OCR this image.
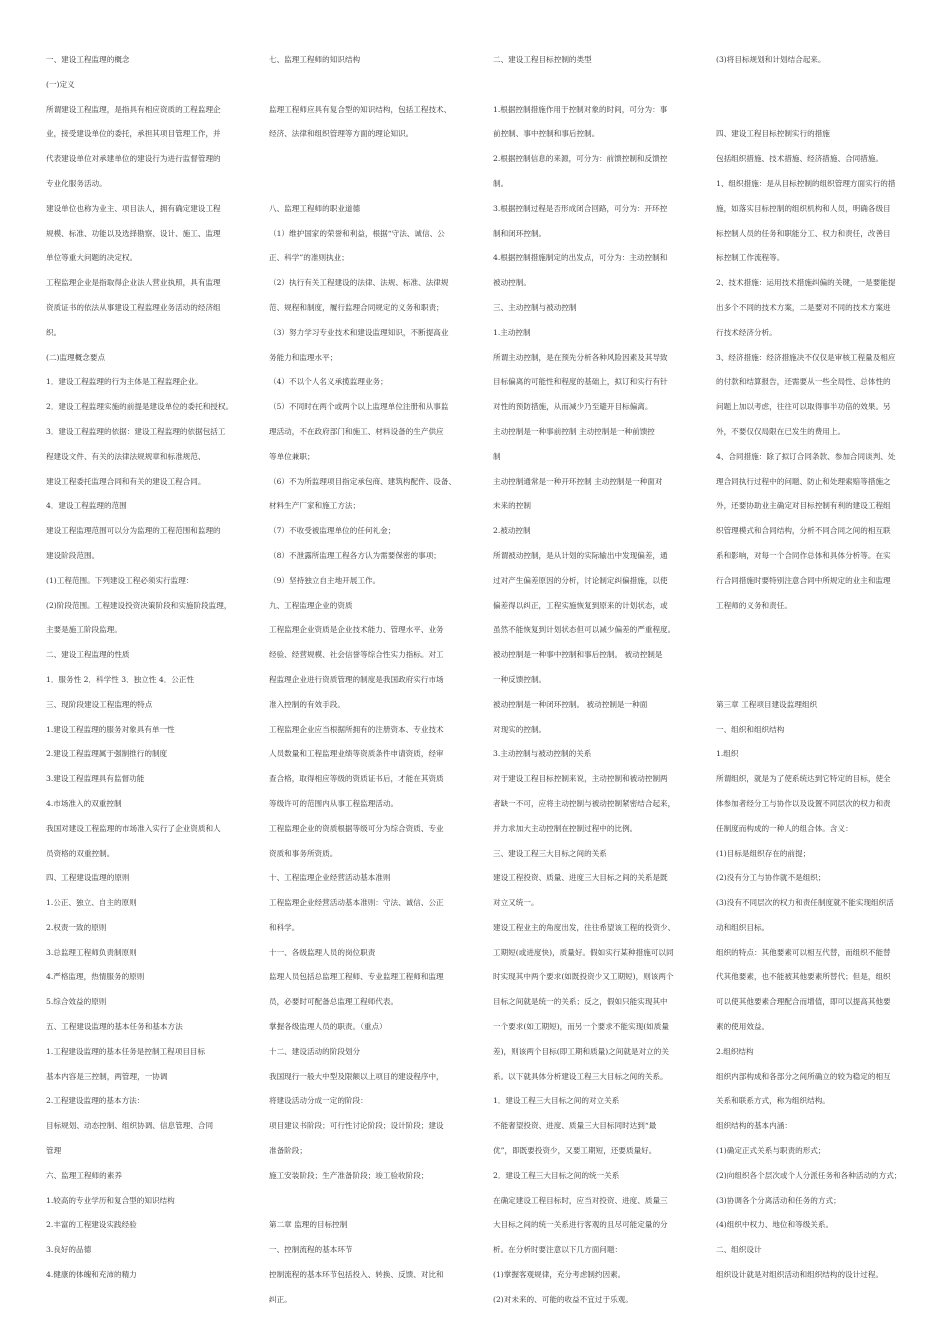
一、建设工程监理的概念
(一)定义
所谓建设工程监理，是指具有相应资质的工程监理企
业，接受建设单位的委托，承担其项目管理工作，并
代表建设单位对承建单位的建设行为进行监督管理的
专业化服务活动。
建设单位也称为业主、项目法人，拥有确定建设工程
规模、标准、功能以及选择勘察、设计、施工、监理
单位等重大问题的决定权。
工程监理企业是指取得企业法人营业执照，具有监理
资质证书的依法从事建设工程监理业务活动的经济组
织。
(二)监理概念要点
1．建设工程监理的行为主体是工程监理企业。
2．建设工程监理实施的前提是建设单位的委托和授权。
3．建设工程监理的依据：建设工程监理的依据包括工
程建设文件、有关的法律法规规章和标准规范、
建设工程委托监理合同和有关的建设工程合同。
4．建设工程监理的范围
建设工程监理范围可以分为监理的工程范围和监理的
建设阶段范围。
(1)工程范围。下列建设工程必须实行监理：
(2)阶段范围。工程建设投资决策阶段和实施阶段监理，
主要是施工阶段监理。
二、建设工程监理的性质
1．服务性 2．科学性 3．独立性 4．公正性
三、现阶段建设工程监理的特点
1.建设工程监理的服务对象具有单一性
2.建设工程监理属于强制推行的制度
3.建设工程监理具有监督功能
4.市场准入的双重控制
我国对建设工程监理的市场准入实行了企业资质和人
员资格的双重控制。
四、工程建设监理的原则
1.公正、独立、自主的原则
2.权责一致的原则
3.总监理工程师负责制原则
4.严格监理，热情服务的原则
5.综合效益的原则
五、工程建设监理的基本任务和基本方法
1.工程建设监理的基本任务是控制工程项目目标
基本内容是三控制，两管理，一协调
2.工程建设监理的基本方法：
目标规划、动态控制、组织协调、信息管理、合同
管理
六、监理工程师的素养
1.较高的专业学历和复合型的知识结构
2.丰富的工程建设实践经验
3.良好的品德
4.健康的体魄和充沛的精力
七、监理工程师的知识结构
监理工程师应具有复合型的知识结构，包括工程技术、
经济、法律和组织管理等方面的理论知识。
八、监理工程师的职业道德
（1）维护国家的荣誉和利益，根据“守法、诚信、公
正、科学”的准则执业；
（2）执行有关工程建设的法律、法规、标准、法律规
范、规程和制度，履行监理合同规定的义务和职责；
（3）努力学习专业技术和建设监理知识，不断提高业
务能力和监理水平；
（4）不以个人名义承揽监理业务；
（5）不同时在两个或两个以上监理单位注册和从事监
理活动，不在政府部门和施工、材料设备的生产供应
等单位兼职；
（6）不为所监理项目指定承包商、建筑构配件、设备、
材料生产厂家和施工方法；
（7）不收受被监理单位的任何礼金；
（8）不泄露所监理工程各方认为需要保密的事项；
（9）坚持独立自主地开展工作。
九、工程监理企业的资质
工程监理企业资质是企业技术能力、管理水平、业务
经验、经营规模、社会信誉等综合性实力指标。对工
程监理企业进行资质管理的制度是我国政府实行市场
准入控制的有效手段。
工程监理企业应当根据所拥有的注册资本、专业技术
人员数量和工程监理业绩等资质条件申请资质，经审
查合格，取得相应等级的资质证书后，才能在其资质
等级许可的范围内从事工程监理活动。
工程监理企业的资质根据等级可分为综合资质、专业
资质和事务所资质。
十、工程监理企业经营活动基本准则
工程监理企业经营活动基本准则：守法、诚信、公正
和科学。
十一、各级监理人员的岗位职责
监理人员包括总监理工程师、专业监理工程师和监理
员，必要时可配备总监理工程师代表。
掌握各级监理人员的职责。（重点）
十二、建设活动的阶段划分
我国现行一般大中型及限额以上项目的建设程序中，
将建设活动分成一定的阶段：
项目建议书阶段；可行性讨论阶段；设计阶段；建设
准备阶段；
施工安装阶段；生产准备阶段；竣工验收阶段；
第二章 监理的目标控制
一、控制流程的基本环节
控制流程的基本环节包括投入、转换、反馈、对比和
纠正。
二、建设工程目标控制的类型
1.根据控制措施作用于控制对象的时间，可分为：事
前控制、事中控制和事后控制。
2.根据控制信息的来源，可分为：前馈控制和反馈控
制。
3.根据控制过程是否形成闭合回路，可分为：开环控
制和闭环控制。
4.根据控制措施制定的出发点，可分为：主动控制和
被动控制。
三、主动控制与被动控制
1.主动控制
所谓主动控制，是在预先分析各种风险因素及其导致
目标偏离的可能性和程度的基础上，拟订和实行有针
对性的预防措施，从而减少乃至避开目标偏离。
主动控制是一种事前控制 主动控制是一种前馈控
制
主动控制通常是一种开环控制 主动控制是一种面对
未来的控制
2.被动控制
所谓被动控制，是从计划的实际输出中发现偏差，通
过对产生偏差原因的分析，讨论制定纠偏措施，以使
偏差得以纠正，工程实施恢复到原来的计划状态，或
虽然不能恢复到计划状态但可以减少偏差的严重程度。
被动控制是一种事中控制和事后控制。 被动控制是
一种反馈控制。
被动控制是一种闭环控制。 被动控制是一种面
对现实的控制。
3.主动控制与被动控制的关系
对于建设工程目标控制来说，主动控制和被动控制两
者缺一不可，应将主动控制与被动控制紧密结合起来，
并力求加大主动控制在控制过程中的比例。
三、建设工程三大目标之间的关系
建设工程投资、质量、进度三大目标之间的关系是既
对立又统一。
建设工程业主的角度出发，往往希望该工程的投资少、
工期短(或进度快)，质量好。假如实行某种措施可以同
时实现其中两个要求(如既投资少又工期短)，则该两个
目标之间就是统一的关系；反之，假如只能实现其中
一个要求(如工期短)，而另一个要求不能实现(如质量
差)，则该两个目标(即工期和质量)之间就是对立的关
系。以下就具体分析建设工程三大目标之间的关系。
1．建设工程三大目标之间的对立关系
不能奢望投资、进度、质量三大目标同时达到“最
优”，即既要投资少，又要工期短，还要质量好。
2．建设工程三大目标之间的统一关系
在确定建设工程目标时，应当对投资、进度、质量三
大目标之间的统一关系进行客观的且尽可能定量的分
析。在分析时要注意以下几方面问题：
(1)掌握客观规律，充分考虑制约因素。
(2)对未来的、可能的收益不宜过于乐观。
(3)将目标规划和计划结合起来。
四、建设工程目标控制实行的措施
包括组织措施、技术措施、经济措施、合同措施。
1、组织措施：是从目标控制的组织管理方面实行的措
施，如落实目标控制的组织机构和人员，明确各级目
标控制人员的任务和职能分工、权力和责任，改善目
标控制工作流程等。
2、技术措施：运用技术措施纠偏的关键，一是要能提
出多个不同的技术方案，二是要对不同的技术方案进
行技术经济分析。
3、经济措施：经济措施决不仅仅是审核工程量及相应
的付款和结算报告，还需要从一些全局性、总体性的
问题上加以考虑，往往可以取得事半功倍的效果。另
外，不要仅仅局限在已发生的费用上。
4、合同措施：除了拟订合同条款、参加合同谈判、处
理合同执行过程中的问题、防止和处理索赔等措施之
外，还要协助业主确定对目标控制有利的建设工程组
织管理模式和合同结构，分析不同合同之间的相互联
系和影响，对每一个合同作总体和具体分析等。在实
行合同措施时要特别注意合同中所规定的业主和监理
工程师的义务和责任。
第三章 工程项目建设监理组织
一、组织和组织结构
1.组织
所谓组织，就是为了使系统达到它特定的目标，使全
体参加者经分工与协作以及设置不同层次的权力和责
任制度而构成的一种人的组合体。含义：
(1)目标是组织存在的前提；
(2)没有分工与协作就不是组织；
(3)没有不同层次的权力和责任制度就不能实现组织活
动和组织目标。
组织的特点：其他要素可以相互代替，而组织不能替
代其他要素，也不能被其他要素所替代；但是，组织
可以使其他要素合理配合而增值，即可以提高其他要
素的使用效益。
2.组织结构
组织内部构成和各部分之间所确立的较为稳定的相互
关系和联系方式，称为组织结构。
组织结构的基本内涵：
(1)确定正式关系与职责的形式；
(2)向组织各个层次或个人分派任务和各种活动的方式；
(3)协调各个分离活动和任务的方式；
(4)组织中权力、地位和等级关系。
二、组织设计
组织设计就是对组织活动和组织结构的设计过程。
